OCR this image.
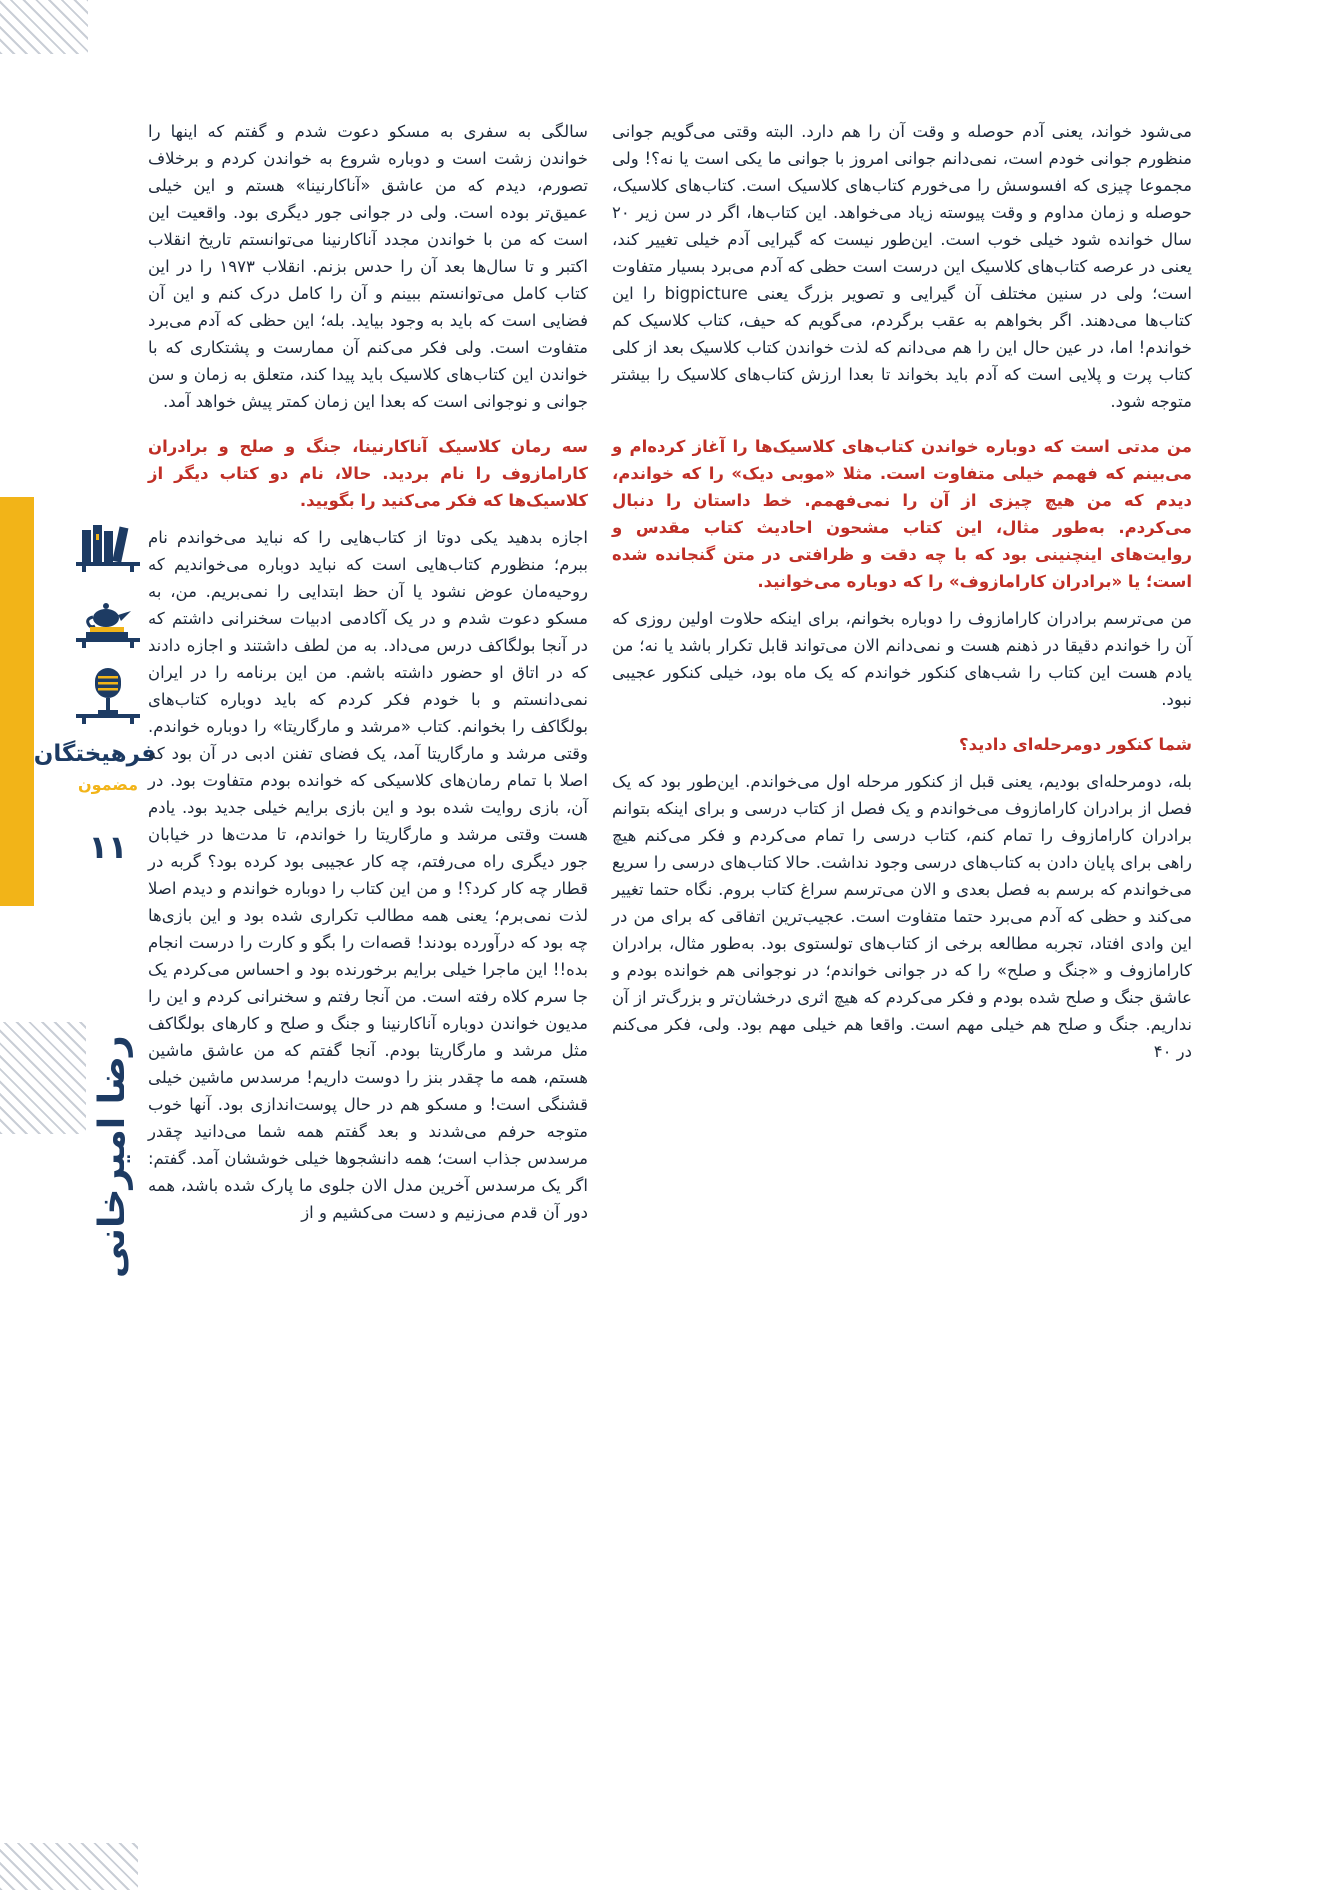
فرهیختگان
مضمون
۱۱
رضا امیرخانی

می‌شود خواند، یعنی آدم حوصله و وقت آن را هم دارد. البته وقتی می‌گویم جوانی منظورم جوانی خودم است، نمی‌دانم جوانی امروز با جوانی ما یکی است یا نه؟! ولی مجموعا چیزی که افسوسش را می‌خورم کتاب‌های کلاسیک است. کتاب‌های کلاسیک، حوصله و زمان مداوم و وقت پیوسته زیاد می‌خواهد. این کتاب‌ها، اگر در سن زیر ۲۰ سال خوانده شود خیلی خوب است. این‌طور نیست که گیرایی آدم خیلی تغییر کند، یعنی در عرصه کتاب‌های کلاسیک این درست است حظی که آدم می‌برد بسیار متفاوت است؛ ولی در سنین مختلف آن گیرایی و تصویر بزرگ یعنی bigpicture را این کتاب‌ها می‌دهند. اگر بخواهم به عقب برگردم، می‌گویم که حیف، کتاب کلاسیک کم خواندم! اما، در عین حال این را هم می‌دانم که لذت خواندن کتاب کلاسیک بعد از کلی کتاب پرت و پلایی است که آدم باید بخواند تا بعدا ارزش کتاب‌های کلاسیک را بیشتر متوجه شود.

من مدتی است که دوباره خواندن کتاب‌های کلاسیک‌ها را آغاز کرده‌ام و می‌بینم که فهمم خیلی متفاوت است. مثلا «موبی دیک» را که خواندم، دیدم که من هیچ چیزی از آن را نمی‌فهمم. خط داستان را دنبال می‌کردم. به‌طور مثال، این کتاب مشحون احادیث کتاب مقدس و روایت‌های اینچنینی بود که با چه دقت و ظرافتی در متن گنجانده شده است؛ یا «برادران کارامازوف» را که دوباره می‌خوانید.

من می‌ترسم برادران کارامازوف را دوباره بخوانم، برای اینکه حلاوت اولین روزی که آن را خواندم دقیقا در ذهنم هست و نمی‌دانم الان می‌تواند قابل تکرار باشد یا نه؛ من یادم هست این کتاب را شب‌های کنکور خواندم که یک ماه بود، خیلی کنکور عجیبی نبود.

شما کنکور دومرحله‌ای دادید؟

بله، دومرحله‌ای بودیم، یعنی قبل از کنکور مرحله اول می‌خواندم. این‌طور بود که یک فصل از برادران کارامازوف می‌خواندم و یک فصل از کتاب درسی و برای اینکه بتوانم برادران کارامازوف را تمام کنم، کتاب درسی را تمام می‌کردم و فکر می‌کنم هیچ راهی برای پایان دادن به کتاب‌های درسی وجود نداشت. حالا کتاب‌های درسی را سریع می‌خواندم که برسم به فصل بعدی و الان می‌ترسم سراغ کتاب بروم. نگاه حتما تغییر می‌کند و حظی که آدم می‌برد حتما متفاوت است. عجیب‌ترین اتفاقی که برای من در این وادی افتاد، تجربه مطالعه برخی از کتاب‌های تولستوی بود. به‌طور مثال، برادران کارامازوف و «جنگ و صلح» را که در جوانی خواندم؛ در نوجوانی هم خوانده بودم و عاشق جنگ و صلح شده بودم و فکر می‌کردم که هیچ اثری درخشان‌تر و بزرگ‌تر از آن نداریم. جنگ و صلح هم خیلی مهم است. واقعا هم خیلی مهم بود. ولی، فکر می‌کنم در ۴۰

سالگی به سفری به مسکو دعوت شدم و گفتم که اینها را خواندن زشت است و دوباره شروع به خواندن کردم و برخلاف تصورم، دیدم که من عاشق «آناکارنینا» هستم و این خیلی عمیق‌تر بوده است. ولی در جوانی جور دیگری بود. واقعیت این است که من با خواندن مجدد آناکارنینا می‌توانستم تاریخ انقلاب اکتبر و تا سال‌ها بعد آن را حدس بزنم. انقلاب ۱۹۷۳ را در این کتاب کامل می‌توانستم ببینم و آن را کامل درک کنم و این آن فضایی است که باید به وجود بیاید. بله؛ این حظی که آدم می‌برد متفاوت است. ولی فکر می‌کنم آن ممارست و پشتکاری که با خواندن این کتاب‌های کلاسیک باید پیدا کند، متعلق به زمان و سن جوانی و نوجوانی است که بعدا این زمان کمتر پیش خواهد آمد.

سه رمان کلاسیک آناکارنینا، جنگ و صلح و برادران کارامازوف را نام بردید. حالا، نام دو کتاب دیگر از کلاسیک‌ها که فکر می‌کنید را بگویید.

اجازه بدهید یکی دوتا از کتاب‌هایی را که نباید می‌خواندم نام ببرم؛ منظورم کتاب‌هایی است که نباید دوباره می‌خواندیم که روحیه‌مان عوض نشود یا آن حظ ابتدایی را نمی‌بریم. من، به مسکو دعوت شدم و در یک آکادمی ادبیات سخنرانی داشتم که در آنجا بولگاکف درس می‌داد. به من لطف داشتند و اجازه دادند که در اتاق او حضور داشته باشم. من این برنامه را در ایران نمی‌دانستم و با خودم فکر کردم که باید دوباره کتاب‌های بولگاکف را بخوانم. کتاب «مرشد و مارگاریتا» را دوباره خواندم. وقتی مرشد و مارگاریتا آمد، یک فضای تفنن ادبی در آن بود که اصلا با تمام رمان‌های کلاسیکی که خوانده بودم متفاوت بود. در آن، بازی روایت شده بود و این بازی برایم خیلی جدید بود. یادم هست وقتی مرشد و مارگاریتا را خواندم، تا مدت‌ها در خیابان جور دیگری راه می‌رفتم، چه کار عجیبی بود کرده بود؟ گربه در قطار چه کار کرد؟! و من این کتاب را دوباره خواندم و دیدم اصلا لذت نمی‌برم؛ یعنی همه مطالب تکراری شده بود و این بازی‌ها چه بود که درآورده بودند! قصه‌ات را بگو و کارت را درست انجام بده!! این ماجرا خیلی برایم برخورنده بود و احساس می‌کردم یک جا سرم کلاه رفته است. من آنجا رفتم و سخنرانی کردم و این را مدیون خواندن دوباره آناکارنینا و جنگ و صلح و کارهای بولگاکف مثل مرشد و مارگاریتا بودم. آنجا گفتم که من عاشق ماشین هستم، همه ما چقدر بنز را دوست داریم! مرسدس ماشین خیلی قشنگی است! و مسکو هم در حال پوست‌اندازی بود. آنها خوب متوجه حرفم می‌شدند و بعد گفتم همه شما می‌دانید چقدر مرسدس جذاب است؛ همه دانشجوها خیلی خوششان آمد. گفتم: اگر یک مرسدس آخرین مدل الان جلوی ما پارک شده باشد، همه دور آن قدم می‌زنیم و دست می‌کشیم و از
